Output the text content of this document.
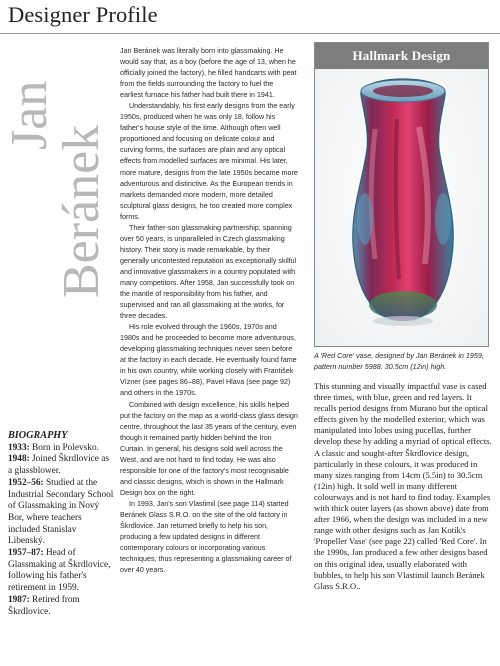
Designer Profile
Jan
Beránek
BIOGRAPHY

1933: Born in Polevsko.

1948: Joined Škrdlovice as a glassblower.

1952–56: Studied at the Industrial Secondary School of Glassmaking in Nový Bor, where teachers included Stanislav Libenský.

1957–87: Head of Glassmaking at Škrdlovice, following his father's retirement in 1959.

1987: Retired from Škrdlovice.

Jan Beránek was literally born into glassmaking. He would say that, as a boy (before the age of 13, when he officially joined the factory), he filled handcarts with peat from the fields surrounding the factory to fuel the earliest furnace his father had built there in 1941.

Understandably, his first early designs from the early 1950s, produced when he was only 18, follow his father's house style of the time. Although often well proportioned and focusing on delicate colour and curving forms, the surfaces are plain and any optical effects from modelled surfaces are minimal. His later, more mature, designs from the late 1950s became more adventurous and distinctive. As the European trends in markets demanded more modern, more detailed sculptural glass designs, he too created more complex forms.

Their father-son glassmaking partnership, spanning over 50 years, is unparalleled in Czech glassmaking history. Their story is made remarkable, by their generally uncontested reputation as exceptionally skilful and innovative glassmakers in a country populated with many competitors. After 1958, Jan successfully took on the mantle of responsibility from his father, and supervised and ran all glassmaking at the works, for three decades.

His role evolved through the 1960s, 1970s and 1980s and he proceeded to become more adventurous, developing glassmaking techniques never seen before at the factory in each decade. He eventually found fame in his own country, while working closely with František Vízner (see pages 86–88), Pavel Hlava (see page 92) and others in the 1970s.

Combined with design excellence, his skills helped put the factory on the map as a world-class glass design centre, throughout the last 35 years of the century, even though it remained partly hidden behind the Iron Curtain. In general, his designs sold well across the West, and are not hard to find today. He was also responsible for one of the factory's most recognisable and classic designs, which is shown in the Hallmark Design box on the right.

In 1993, Jan's son Vlastimil (see page 114) started Beránek Glass S.R.O. on the site of the old factory in Škrdlovice. Jan returned briefly to help his son, producing a few updated designs in different contemporary colours or incorporating various techniques, thus representing a glassmaking career of over 40 years.

Hallmark Design
A 'Red Core' vase, designed by Jan Beránek in 1959, pattern number 5988. 30.5cm (12in) high.

This stunning and visually impactful vase is cased three times, with blue, green and red layers. It recalls period designs from Murano but the optical effects given by the modelled exterior, which was manipulated into lobes using pucellas, further develop these by adding a myriad of optical effects. A classic and sought-after Škrdlovice design, particularly in these colours, it was produced in many sizes ranging from 14cm (5.5in) to 30.5cm (12in) high. It sold well in many different colourways and is not hard to find today. Examples with thick outer layers (as shown above) date from after 1966, when the design was included in a new range with other designs such as Jan Kotík's 'Propeller Vase' (see page 22) called 'Red Core'. In the 1990s, Jan produced a few other designs based on this original idea, usually elaborated with bubbles, to help his son Vlastimil launch Beránek Glass S.R.O..
